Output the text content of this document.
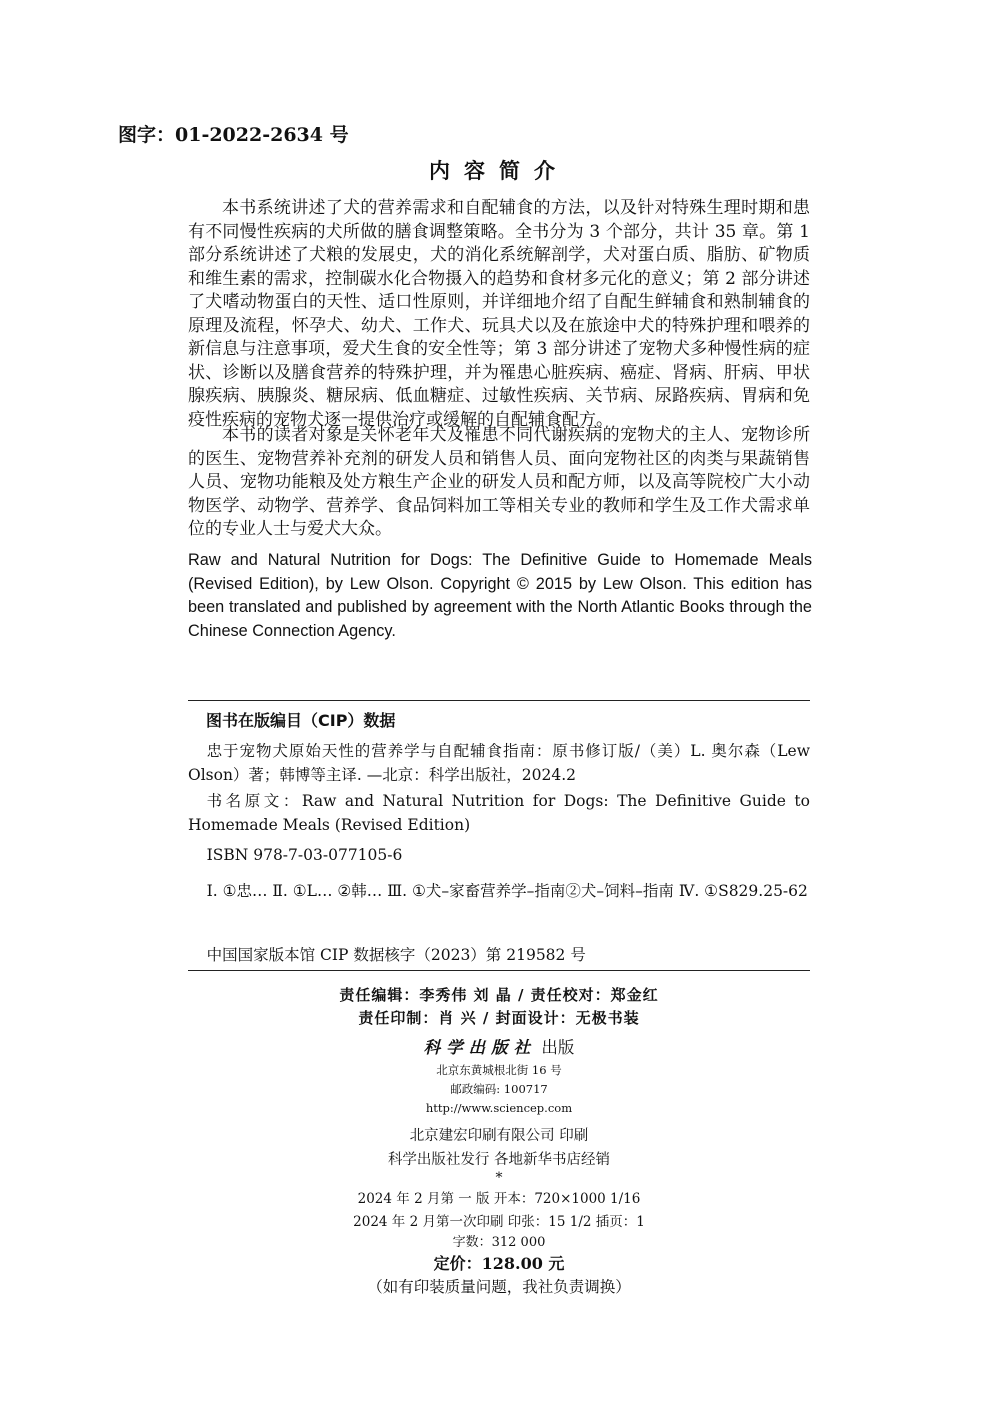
图字：01-2022-2634 号
内容简介

本书系统讲述了犬的营养需求和自配辅食的方法，以及针对特殊生理时期和患有不同慢性疾病的犬所做的膳食调整策略。全书分为 3 个部分，共计 35 章。第 1 部分系统讲述了犬粮的发展史，犬的消化系统解剖学，犬对蛋白质、脂肪、矿物质和维生素的需求，控制碳水化合物摄入的趋势和食材多元化的意义；第 2 部分讲述了犬嗜动物蛋白的天性、适口性原则，并详细地介绍了自配生鲜辅食和熟制辅食的原理及流程，怀孕犬、幼犬、工作犬、玩具犬以及在旅途中犬的特殊护理和喂养的新信息与注意事项，爱犬生食的安全性等；第 3 部分讲述了宠物犬多种慢性病的症状、诊断以及膳食营养的特殊护理，并为罹患心脏疾病、癌症、肾病、肝病、甲状腺疾病、胰腺炎、糖尿病、低血糖症、过敏性疾病、关节病、尿路疾病、胃病和免疫性疾病的宠物犬逐一提供治疗或缓解的自配辅食配方。

本书的读者对象是关怀老年犬及罹患不同代谢疾病的宠物犬的主人、宠物诊所的医生、宠物营养补充剂的研发人员和销售人员、面向宠物社区的肉类与果蔬销售人员、宠物功能粮及处方粮生产企业的研发人员和配方师，以及高等院校广大小动物医学、动物学、营养学、食品饲料加工等相关专业的教师和学生及工作犬需求单位的专业人士与爱犬大众。

Raw and Natural Nutrition for Dogs: The Definitive Guide to Homemade Meals (Revised Edition), by Lew Olson. Copyright © 2015 by Lew Olson. This edition has been translated and published by agreement with the North Atlantic Books through the Chinese Connection Agency.

图书在版编目（CIP）数据

忠于宠物犬原始天性的营养学与自配辅食指南：原书修订版/（美）L. 奥尔森（Lew Olson）著；韩博等主译. —北京：科学出版社，2024.2

书名原文：Raw and Natural Nutrition for Dogs: The Definitive Guide to Homemade Meals (Revised Edition)

ISBN 978-7-03-077105-6

Ⅰ. ①忠… Ⅱ. ①L… ②韩… Ⅲ. ①犬–家畜营养学–指南②犬–饲料–指南 Ⅳ. ①S829.25-62

中国国家版本馆 CIP 数据核字（2023）第 219582 号

责任编辑：李秀伟 刘 晶 / 责任校对：郑金红

责任印制：肖 兴 / 封面设计：无极书装

科学出版社 出版

北京东黄城根北街 16 号

邮政编码: 100717

http://www.sciencep.com

北京建宏印刷有限公司 印刷

科学出版社发行 各地新华书店经销

*

2024 年 2 月第 一 版 开本：720×1000 1/16

2024 年 2 月第一次印刷 印张：15 1/2 插页：1

字数：312 000

定价：128.00 元

（如有印装质量问题，我社负责调换）
